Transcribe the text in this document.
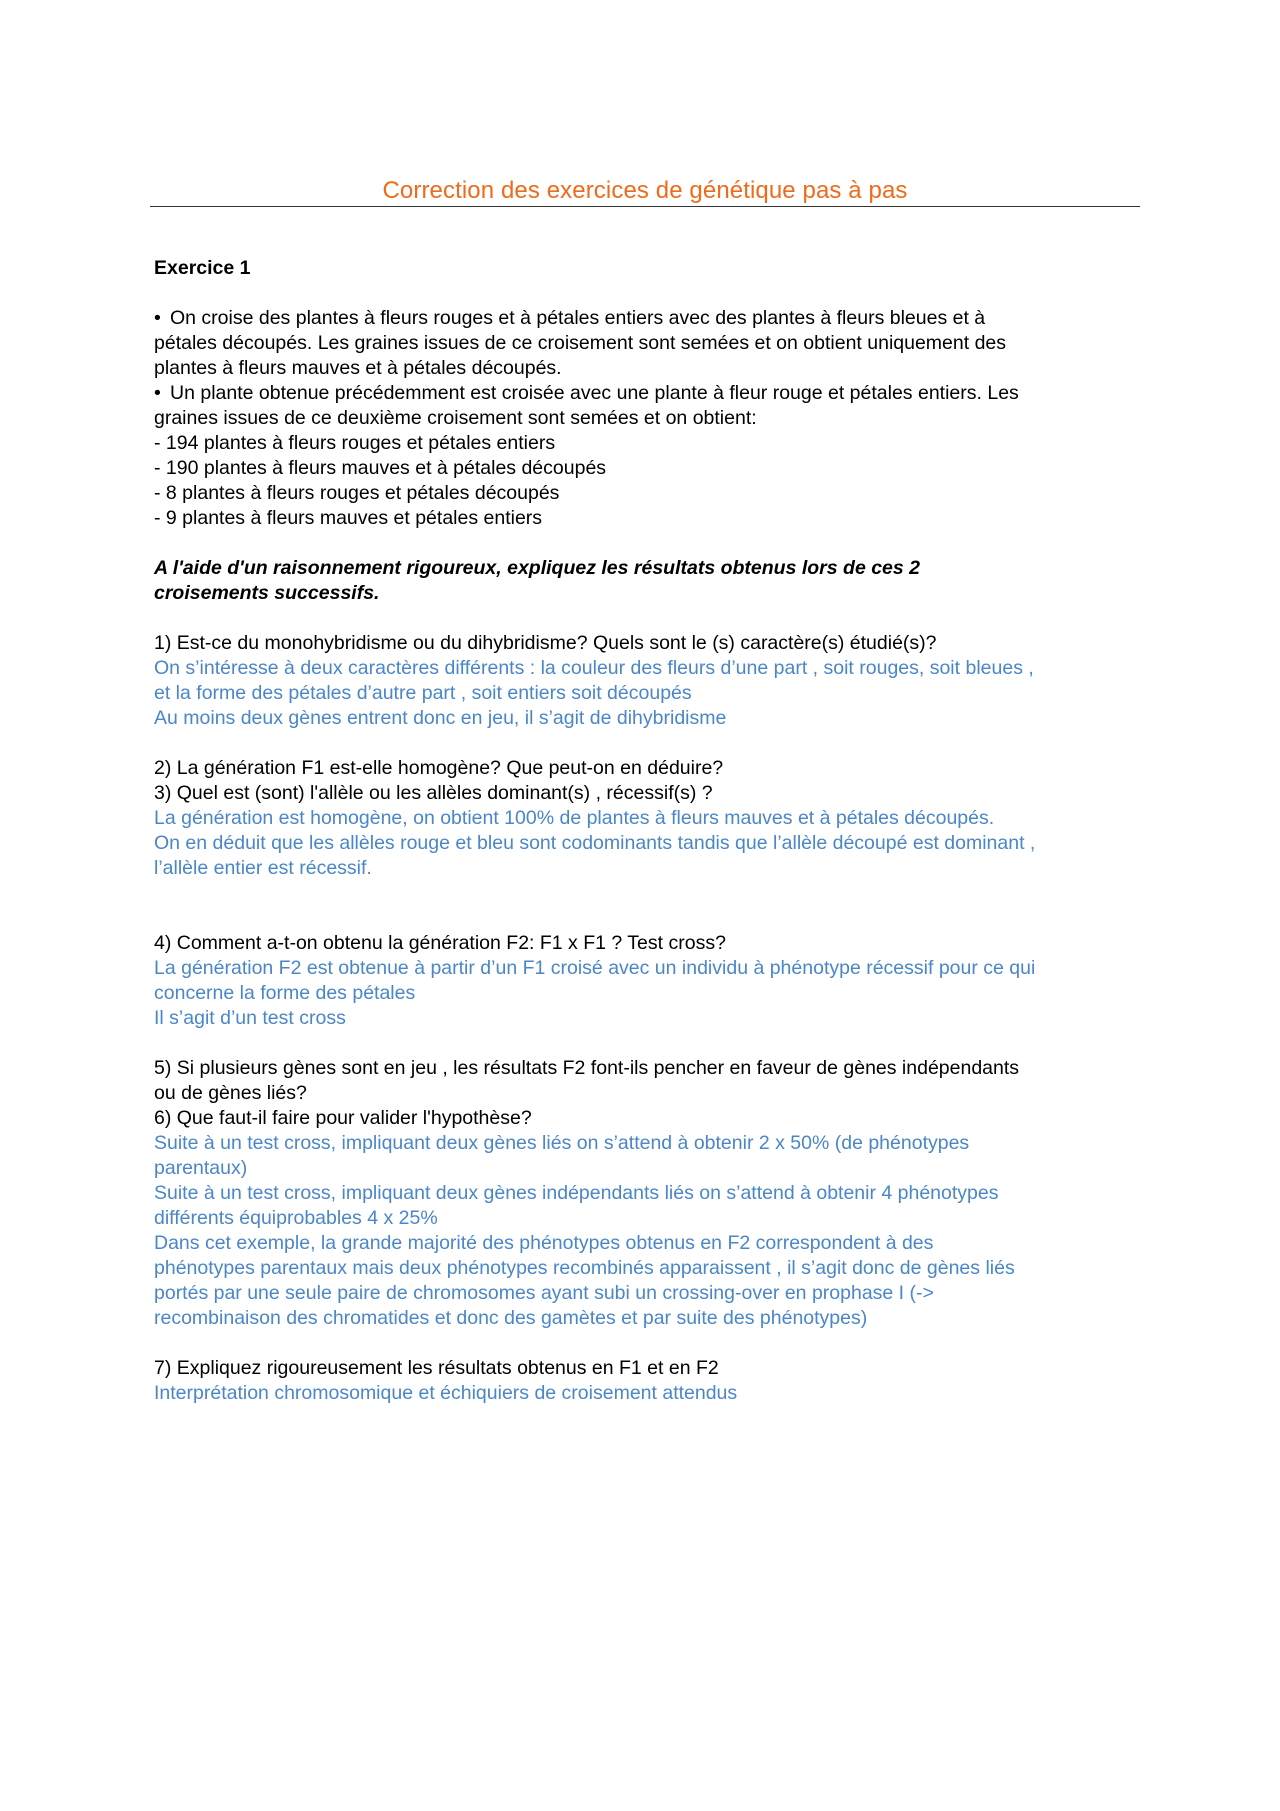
Correction des exercices de génétique pas à pas

Exercice 1

• On croise des plantes à fleurs rouges et à pétales entiers avec des plantes à fleurs bleues et à

pétales découpés. Les graines issues de ce croisement sont semées et on obtient uniquement des

plantes à fleurs mauves et à pétales découpés.

• Un plante obtenue précédemment est croisée avec une plante à fleur rouge et pétales entiers. Les

graines issues de ce deuxième croisement sont semées et on obtient:

- 194 plantes à fleurs rouges et pétales entiers

- 190 plantes à fleurs mauves et à pétales découpés

- 8 plantes à fleurs rouges et pétales découpés

- 9 plantes à fleurs mauves et pétales entiers

A l'aide d'un raisonnement rigoureux, expliquez les résultats obtenus lors de ces 2

croisements successifs.

1) Est-ce du monohybridisme ou du dihybridisme? Quels sont le (s) caractère(s) étudié(s)?

On s’intéresse à deux caractères différents : la couleur des fleurs d’une part , soit rouges, soit bleues ,

et la forme des pétales d’autre part , soit entiers soit découpés

Au moins deux gènes entrent donc en jeu, il s’agit de dihybridisme

2) La génération F1 est-elle homogène? Que peut-on en déduire?

3) Quel est (sont) l'allèle ou les allèles dominant(s) , récessif(s) ?

La génération est homogène, on obtient 100% de plantes à fleurs mauves et à pétales découpés.

On en déduit que les allèles rouge et bleu sont codominants tandis que l’allèle découpé est dominant ,

l’allèle entier est récessif.

4) Comment a-t-on obtenu la génération F2: F1 x F1 ? Test cross?

La génération F2 est obtenue à partir d’un F1 croisé avec un individu à phénotype récessif pour ce qui

concerne la forme des pétales

Il s’agit d’un test cross

5) Si plusieurs gènes sont en jeu , les résultats F2 font-ils pencher en faveur de gènes indépendants

ou de gènes liés?

6) Que faut-il faire pour valider l'hypothèse?

Suite à un test cross, impliquant deux gènes liés on s’attend à obtenir 2 x 50% (de phénotypes

parentaux)

Suite à un test cross, impliquant deux gènes indépendants liés on s’attend à obtenir 4 phénotypes

différents équiprobables 4 x 25%

Dans cet exemple, la grande majorité des phénotypes obtenus en F2 correspondent à des

phénotypes parentaux mais deux phénotypes recombinés apparaissent , il s’agit donc de gènes liés

portés par une seule paire de chromosomes ayant subi un crossing-over en prophase I (->

recombinaison des chromatides et donc des gamètes et par suite des phénotypes)

7) Expliquez rigoureusement les résultats obtenus en F1 et en F2

Interprétation chromosomique et échiquiers de croisement attendus
